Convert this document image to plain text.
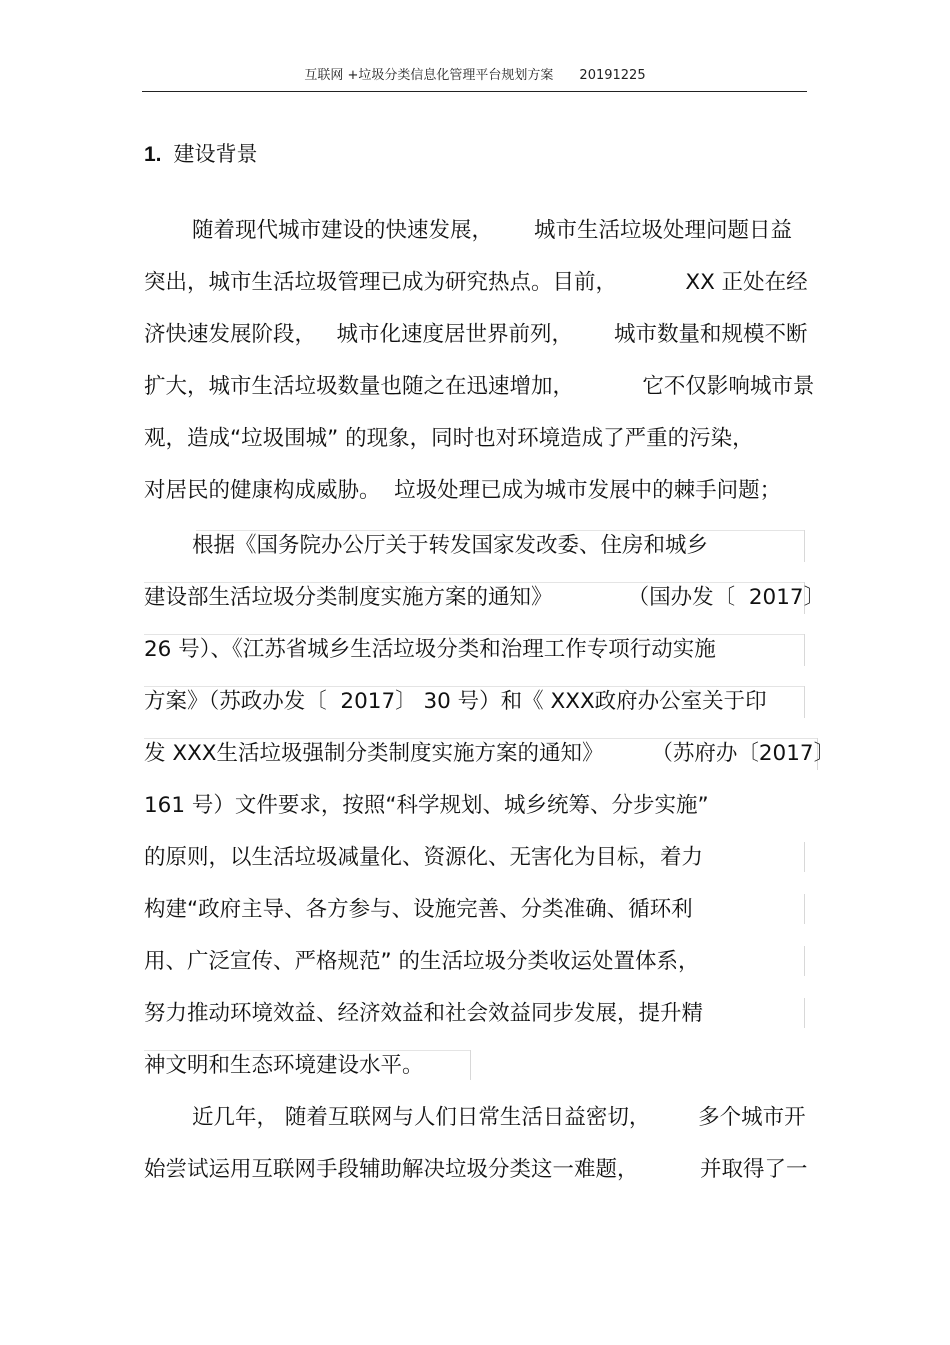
互联网 +垃圾分类信息化管理平台规划方案 20191225
1. 建设背景
随着现代城市建设的快速发展，      城市生活垃圾处理问题日益
突出，城市生活垃圾管理已成为研究热点。目前，          XX 正处在经
济快速发展阶段，   城市化速度居世界前列，      城市数量和规模不断
扩大，城市生活垃圾数量也随之在迅速增加，          它不仅影响城市景
观，造成“垃圾围城” 的现象，同时也对环境造成了严重的污染，
对居民的健康构成威胁。  垃圾处理已成为城市发展中的棘手问题；
根据《国务院办公厅关于转发国家发改委、住房和城乡
建设部生活垃圾分类制度实施方案的通知》           （国办发〔  2017〕
26 号）、《江苏省城乡生活垃圾分类和治理工作专项行动实施
方案》（苏政办发〔  2017〕 30 号）和《 XXX政府办公室关于印
发 XXX生活垃圾强制分类制度实施方案的通知》       （苏府办〔2017〕
161 号）文件要求，按照“科学规划、城乡统筹、分步实施”
的原则，以生活垃圾减量化、资源化、无害化为目标，着力
构建“政府主导、各方参与、设施完善、分类准确、循环利
用、广泛宣传、严格规范” 的生活垃圾分类收运处置体系，
努力推动环境效益、经济效益和社会效益同步发展，提升精
神文明和生态环境建设水平。
近几年， 随着互联网与人们日常生活日益密切，       多个城市开
始尝试运用互联网手段辅助解决垃圾分类这一难题，         并取得了一
